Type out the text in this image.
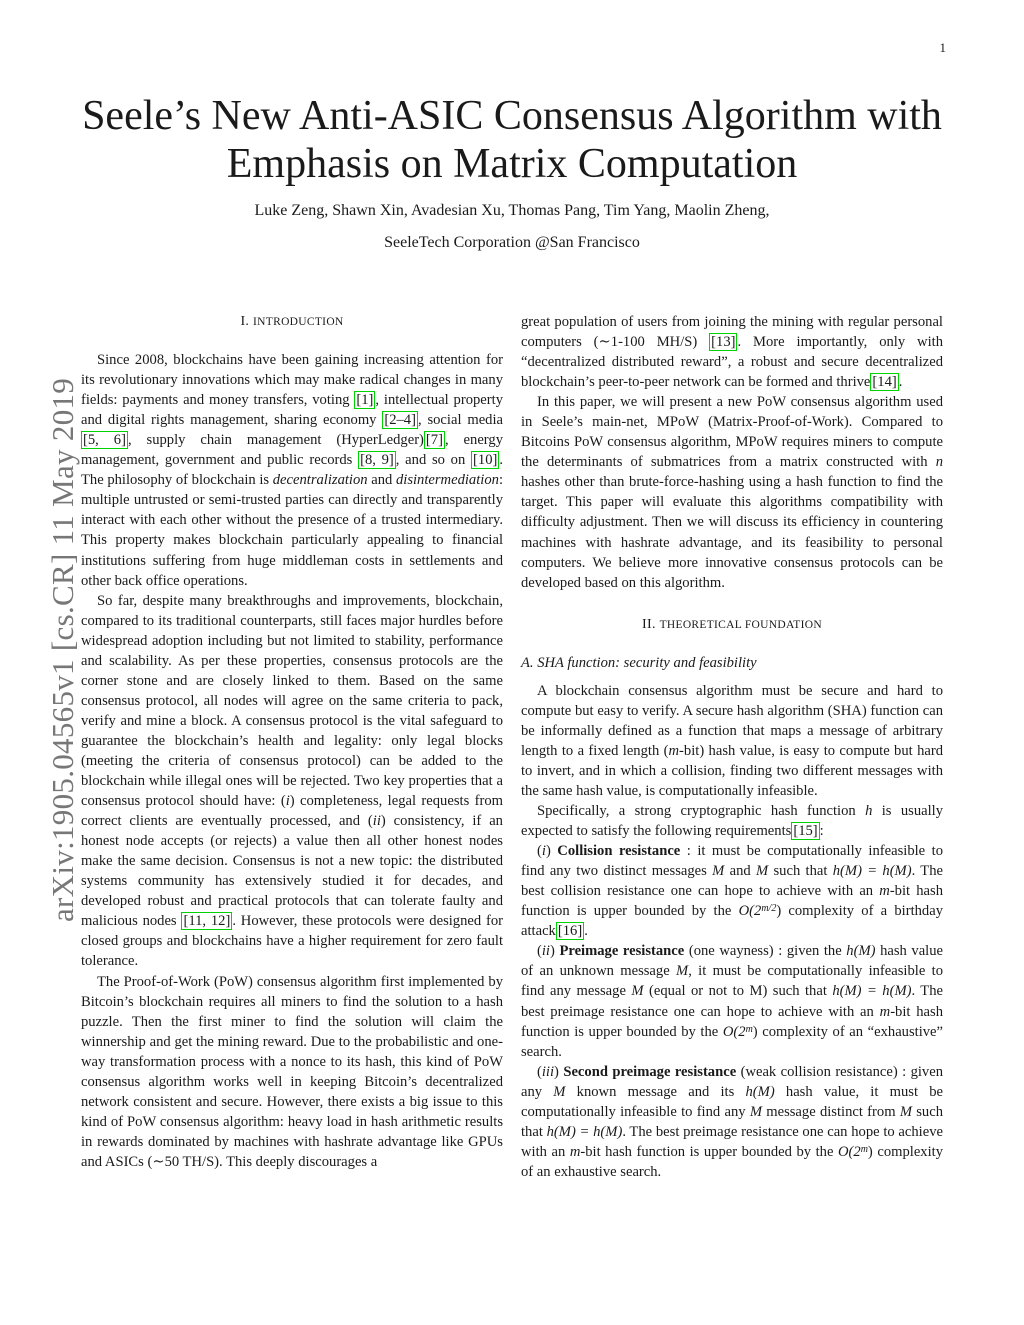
1
arXiv:1905.04565v1 [cs.CR] 11 May 2019
Seele’s New Anti-ASIC Consensus Algorithm with
Emphasis on Matrix Computation
Luke Zeng, Shawn Xin, Avadesian Xu, Thomas Pang, Tim Yang, Maolin Zheng,
SeeleTech Corporation @San Francisco
I. INTRODUCTION

Since 2008, blockchains have been gaining increasing attention for its revolutionary innovations which may make radical changes in many fields: payments and money transfers, voting [1] , intellectual property and digital rights management, sharing economy [2–4] , social media [5, 6] , supply chain management (HyperLedger) [7] , energy management, government and public records [8, 9] , and so on [10] . The philosophy of blockchain is decentralization and disintermediation: multiple untrusted or semi-trusted parties can directly and transparently interact with each other without the presence of a trusted intermediary. This property makes blockchain particularly appealing to financial institutions suffering from huge middleman costs in settlements and other back office operations.

So far, despite many breakthroughs and improvements, blockchain, compared to its traditional counterparts, still faces major hurdles before widespread adoption including but not limited to stability, performance and scalability. As per these properties, consensus protocols are the corner stone and are closely linked to them. Based on the same consensus protocol, all nodes will agree on the same criteria to pack, verify and mine a block. A consensus protocol is the vital safeguard to guarantee the blockchain’s health and legality: only legal blocks (meeting the criteria of consensus protocol) can be added to the blockchain while illegal ones will be rejected. Two key properties that a consensus protocol should have: (i) completeness, legal requests from correct clients are eventually processed, and (ii) consistency, if an honest node accepts (or rejects) a value then all other honest nodes make the same decision. Consensus is not a new topic: the distributed systems community has extensively studied it for decades, and developed robust and practical protocols that can tolerate faulty and malicious nodes [11, 12] . However, these protocols were designed for closed groups and blockchains have a higher requirement for zero fault tolerance.

The Proof-of-Work (PoW) consensus algorithm first implemented by Bitcoin’s blockchain requires all miners to find the solution to a hash puzzle. Then the first miner to find the solution will claim the winnership and get the mining reward. Due to the probabilistic and one-way transformation process with a nonce to its hash, this kind of PoW consensus algorithm works well in keeping Bitcoin’s decentralized network consistent and secure. However, there exists a big issue to this kind of PoW consensus algorithm: heavy load in hash arithmetic results in rewards dominated by machines with hashrate advantage like GPUs and ASICs (∼50 TH/S). This deeply discourages a

great population of users from joining the mining with regular personal computers (∼1-100 MH/S) [13] . More importantly, only with “decentralized distributed reward”, a robust and secure decentralized blockchain’s peer-to-peer network can be formed and thrive [14] .

In this paper, we will present a new PoW consensus algorithm used in Seele’s main-net, MPoW (Matrix-Proof-of-Work). Compared to Bitcoins PoW consensus algorithm, MPoW requires miners to compute the determinants of submatrices from a matrix constructed with n hashes other than brute-force-hashing using a hash function to find the target. This paper will evaluate this algorithms compatibility with difficulty adjustment. Then we will discuss its efficiency in countering machines with hashrate advantage, and its feasibility to personal computers. We believe more innovative consensus protocols can be developed based on this algorithm.

II. THEORETICAL FOUNDATION
A. SHA function: security and feasibility

A blockchain consensus algorithm must be secure and hard to compute but easy to verify. A secure hash algorithm (SHA) function can be informally defined as a function that maps a message of arbitrary length to a fixed length (m-bit) hash value, is easy to compute but hard to invert, and in which a collision, finding two different messages with the same hash value, is computationally infeasible.

Specifically, a strong cryptographic hash function h is usually expected to satisfy the following requirements [15] :

(i) Collision resistance : it must be computationally infeasible to find any two distinct messages M and M such that h(M) = h(M). The best collision resistance one can hope to achieve with an m-bit hash function is upper bounded by the $O(2^{m/2})$ complexity of a birthday attack [16] .

(ii) Preimage resistance (one wayness) : given the h(M) hash value of an unknown message M, it must be computationally infeasible to find any message M (equal or not to M) such that h(M) = h(M). The best preimage resistance one can hope to achieve with an m-bit hash function is upper bounded by the O(2$^m$) complexity of an “exhaustive” search.

(iii) Second preimage resistance (weak collision resistance) : given any M known message and its h(M) hash value, it must be computationally infeasible to find any M message distinct from M such that h(M) = h(M). The best preimage resistance one can hope to achieve with an m-bit hash function is upper bounded by the O(2$^m$) complexity of an exhaustive search.
